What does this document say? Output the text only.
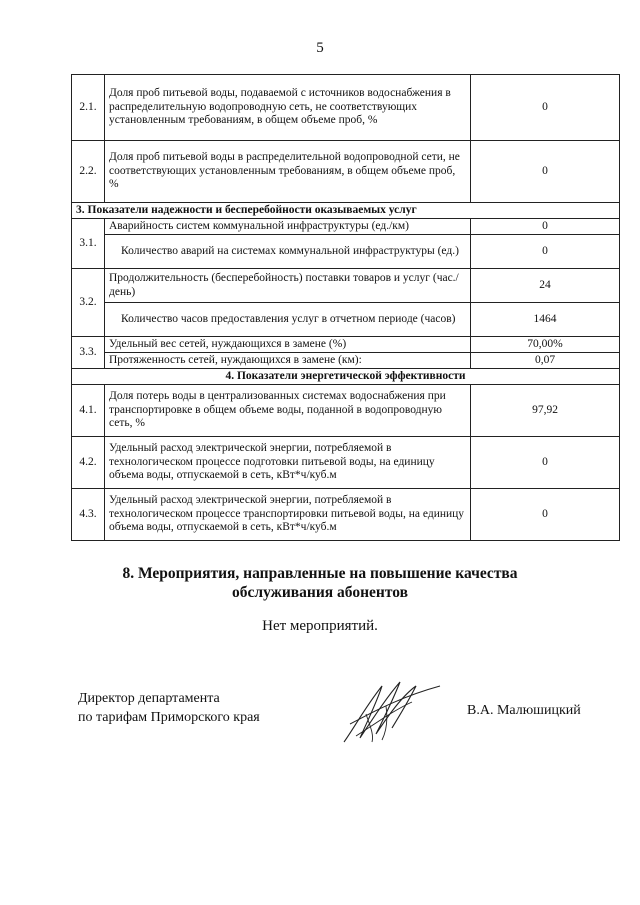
5
2.1.	Доля проб питьевой воды, подаваемой с источников водоснабжения в распределительную водопроводную сеть, не соответствующих установленным требованиям, в общем объеме проб, %	0
2.2.	Доля проб питьевой воды в распределительной водопроводной сети, не соответствующих установленным требованиям, в общем объеме проб, %	0
3. Показатели надежности и бесперебойности оказываемых услуг		
3.1.	Аварийность систем коммунальной инфраструктуры (ед./км)	0
	Количество аварий на системах коммунальной инфраструктуры (ед.)	0
3.2.	Продолжительность (бесперебойность) поставки товаров и услуг (час./день)	24
	Количество часов предоставления услуг в отчетном периоде (часов)	1464
3.3.	Удельный вес сетей, нуждающихся в замене (%)	70,00%
	Протяженность сетей, нуждающихся в замене (км):	0,07
4. Показатели энергетической эффективности		
4.1.	Доля потерь воды в централизованных системах водоснабжения при транспортировке в общем объеме воды, поданной в водопроводную сеть, %	97,92
4.2.	Удельный расход электрической энергии, потребляемой в технологическом процессе подготовки питьевой воды, на единицу объема воды, отпускаемой в сеть, кВт*ч/куб.м	0
4.3.	Удельный расход электрической энергии, потребляемой в технологическом процессе транспортировки питьевой воды, на единицу объема воды, отпускаемой в сеть, кВт*ч/куб.м	0
8. Мероприятия, направленные на повышение качества
обслуживания абонентов
Нет мероприятий.
Директор департамента
по тарифам Приморского края	В.А. Малюшицкий
